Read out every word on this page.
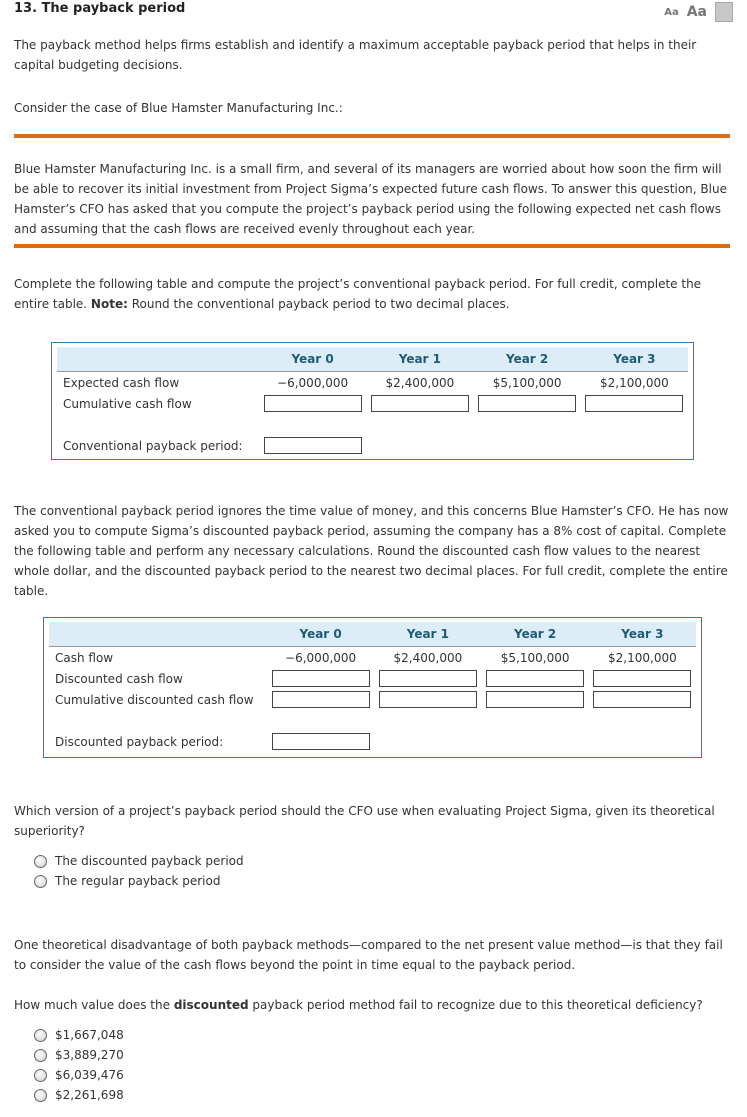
13. The payback period	Aa Aa

The payback method helps firms establish and identify a maximum acceptable payback period that helps in their capital budgeting decisions.

Consider the case of Blue Hamster Manufacturing Inc.:

Blue Hamster Manufacturing Inc. is a small firm, and several of its managers are worried about how soon the firm will be able to recover its initial investment from Project Sigma’s expected future cash flows. To answer this question, Blue Hamster’s CFO has asked that you compute the project’s payback period using the following expected net cash flows and assuming that the cash flows are received evenly throughout each year.

Complete the following table and compute the project’s conventional payback period. For full credit, complete the entire table. Note: Round the conventional payback period to two decimal places.

	Year 0	Year 1	Year 2	Year 3
Expected cash flow	−6,000,000	$2,400,000	$5,100,000	$2,100,000
Cumulative cash flow	

Conventional payback period:				

The conventional payback period ignores the time value of money, and this concerns Blue Hamster’s CFO. He has now asked you to compute Sigma’s discounted payback period, assuming the company has a 8% cost of capital. Complete the following table and perform any necessary calculations. Round the discounted cash flow values to the nearest whole dollar, and the discounted payback period to the nearest two decimal places. For full credit, complete the entire table.

	Year 0	Year 1	Year 2	Year 3
Cash flow	−6,000,000	$2,400,000	$5,100,000	$2,100,000
Discounted cash flow	

Cumulative discounted cash flow	

Discounted payback period:				

Which version of a project’s payback period should the CFO use when evaluating Project Sigma, given its theoretical superiority?

The discounted payback period
The regular payback period

One theoretical disadvantage of both payback methods—compared to the net present value method—is that they fail to consider the value of the cash flows beyond the point in time equal to the payback period.

How much value does the discounted payback period method fail to recognize due to this theoretical deficiency?

$1,667,048
$3,889,270
$6,039,476
$2,261,698
